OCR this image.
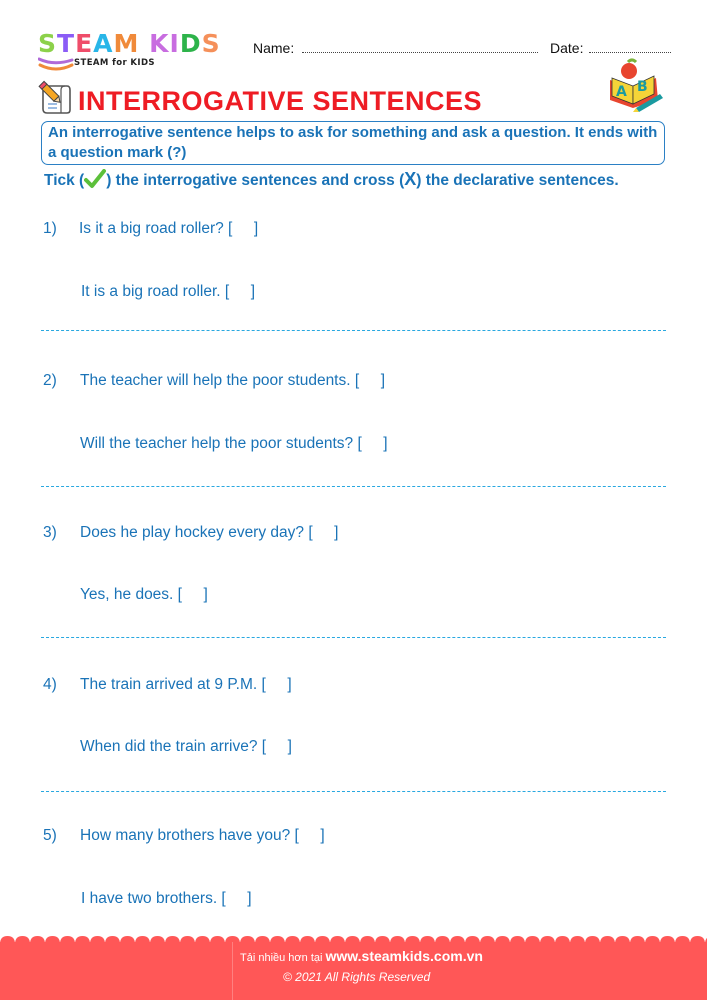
STEAM KIDS
STEAM for KIDS
Name:	Date:
INTERROGATIVE SENTENCES	A B
An interrogative sentence helps to ask for something and ask a question. It ends with a question mark (?)
Tick ( ) the interrogative sentences and cross (X) the declarative sentences.
1) Is it a big road roller? [     ]
It is a big road roller. [     ]
2) The teacher will help the poor students. [     ]
Will the teacher help the poor students? [     ]
3) Does he play hockey every day? [     ]
Yes, he does. [     ]
4) The train arrived at 9 P.M. [     ]
When did the train arrive? [     ]
5) How many brothers have you? [     ]
I have two brothers. [     ]
Tải nhiều hơn tại www.steamkids.com.vn
© 2021 All Rights Reserved
